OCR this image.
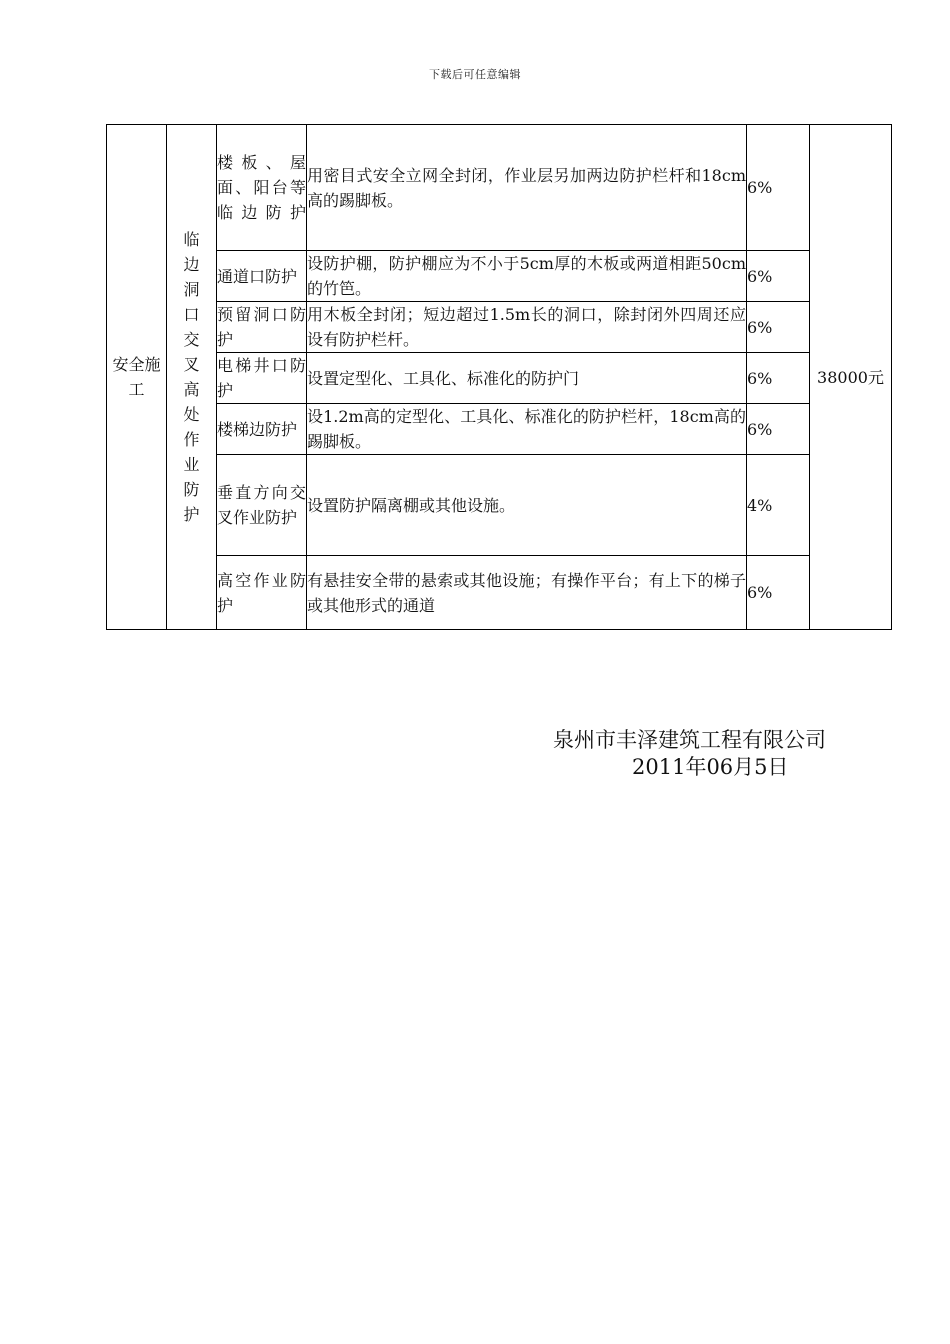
下载后可任意编辑
安全施工	临边洞口交叉高处作业防护	楼板、屋面、阳台等临边防护	用密目式安全立网全封闭，作业层另加两边防护栏杆和18cm高的踢脚板。	6%	38000元
		通道口防护	设防护棚，防护棚应为不小于5cm厚的木板或两道相距50cm的竹笆。	6%	
		预留洞口防护	用木板全封闭；短边超过1.5m长的洞口，除封闭外四周还应设有防护栏杆。	6%	
		电梯井口防护	设置定型化、工具化、标准化的防护门	6%	
		楼梯边防护	设1.2m高的定型化、工具化、标准化的防护栏杆，18cm高的踢脚板。	6%	
		垂直方向交叉作业防护	设置防护隔离棚或其他设施。	4%	
		高空作业防护	有悬挂安全带的悬索或其他设施；有操作平台；有上下的梯子或其他形式的通道	6%	
泉州市丰泽建筑工程有限公司
2011年06月5日
